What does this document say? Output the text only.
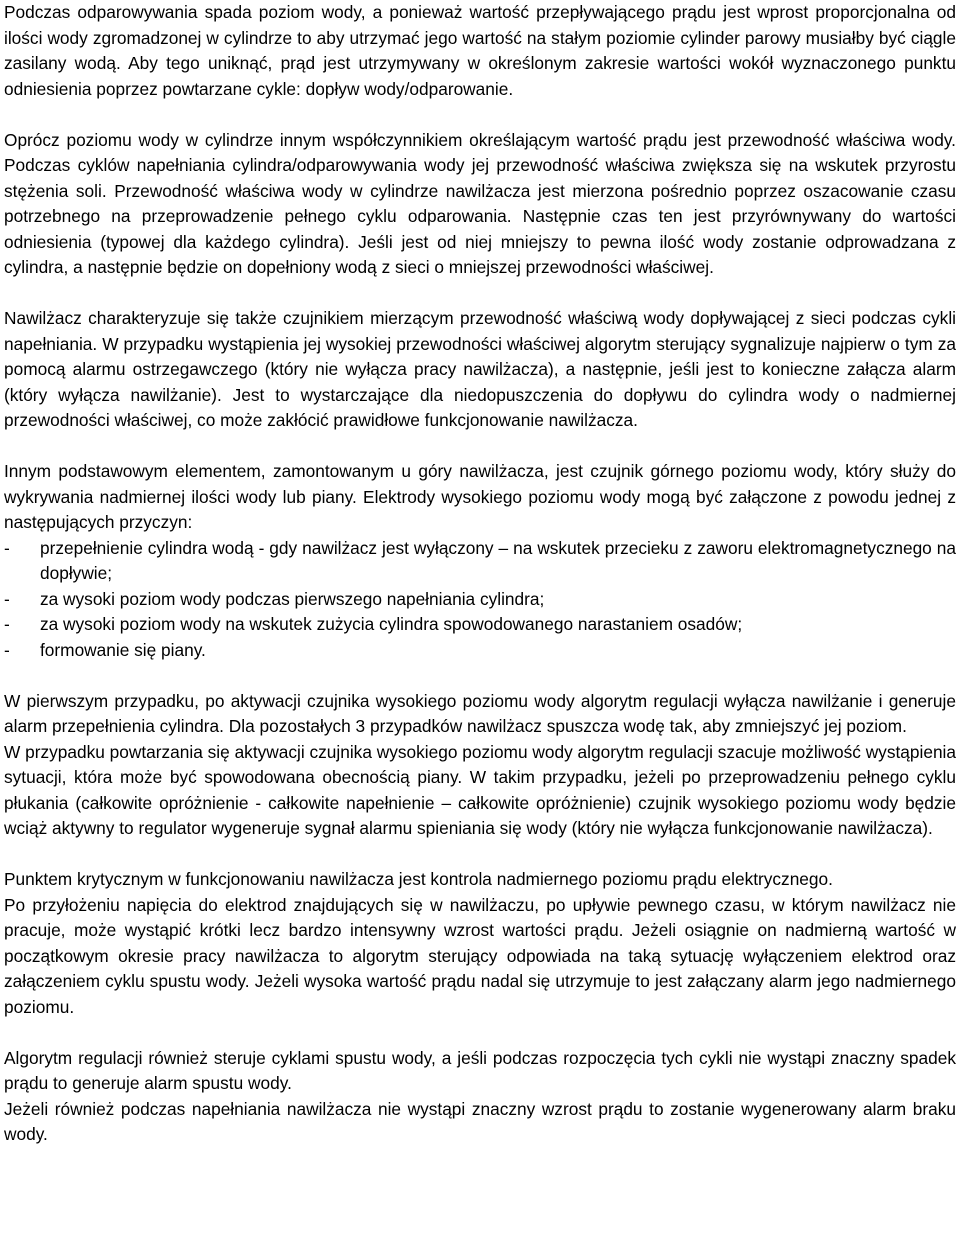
Podczas odparowywania spada poziom wody, a ponieważ wartość przepływającego prądu jest wprost proporcjonalna od ilości wody zgromadzonej w cylindrze to aby utrzymać jego wartość na stałym poziomie cylinder parowy musiałby być ciągle zasilany wodą. Aby tego uniknąć, prąd jest utrzymywany w określonym zakresie wartości wokół wyznaczonego punktu odniesienia poprzez powtarzane cykle: dopływ wody/odparowanie.

Oprócz poziomu wody w cylindrze innym współczynnikiem określającym wartość prądu jest przewodność właściwa wody. Podczas cyklów napełniania cylindra/odparowywania wody jej przewodność właściwa zwiększa się na wskutek przyrostu stężenia soli. Przewodność właściwa wody w cylindrze nawilżacza jest mierzona pośrednio poprzez oszacowanie czasu potrzebnego na przeprowadzenie pełnego cyklu odparowania. Następnie czas ten jest przyrównywany do wartości odniesienia (typowej dla każdego cylindra). Jeśli jest od niej mniejszy to pewna ilość wody zostanie odprowadzana z cylindra, a następnie będzie on dopełniony wodą z sieci o mniejszej przewodności właściwej.

Nawilżacz charakteryzuje się także czujnikiem mierzącym przewodność właściwą wody dopływającej z sieci podczas cykli napełniania. W przypadku wystąpienia jej wysokiej przewodności właściwej algorytm sterujący sygnalizuje najpierw o tym za pomocą alarmu ostrzegawczego (który nie wyłącza pracy nawilżacza), a następnie, jeśli jest to konieczne załącza alarm (który wyłącza nawilżanie). Jest to wystarczające dla niedopuszczenia do dopływu do cylindra wody o nadmiernej przewodności właściwej, co może zakłócić prawidłowe funkcjonowanie nawilżacza.

Innym podstawowym elementem, zamontowanym u góry nawilżacza, jest czujnik górnego poziomu wody, który służy do wykrywania nadmiernej ilości wody lub piany. Elektrody wysokiego poziomu wody mogą być załączone z powodu jednej z następujących przyczyn:

- przepełnienie cylindra wodą - gdy nawilżacz jest wyłączony – na wskutek przecieku z zaworu elektromagnetycznego na dopływie;
- za wysoki poziom wody podczas pierwszego napełniania cylindra;
- za wysoki poziom wody na wskutek zużycia cylindra spowodowanego narastaniem osadów;
- formowanie się piany.

W pierwszym przypadku, po aktywacji czujnika wysokiego poziomu wody algorytm regulacji wyłącza nawilżanie i generuje alarm przepełnienia cylindra. Dla pozostałych 3 przypadków nawilżacz spuszcza wodę tak, aby zmniejszyć jej poziom.

W przypadku powtarzania się aktywacji czujnika wysokiego poziomu wody algorytm regulacji szacuje możliwość wystąpienia sytuacji, która może być spowodowana obecnością piany. W takim przypadku, jeżeli po przeprowadzeniu pełnego cyklu płukania (całkowite opróżnienie - całkowite napełnienie – całkowite opróżnienie) czujnik wysokiego poziomu wody będzie wciąż aktywny to regulator wygeneruje sygnał alarmu spieniania się wody (który nie wyłącza funkcjonowanie nawilżacza).

Punktem krytycznym w funkcjonowaniu nawilżacza jest kontrola nadmiernego poziomu prądu elektrycznego.

Po przyłożeniu napięcia do elektrod znajdujących się w nawilżaczu, po upływie pewnego czasu, w którym nawilżacz nie pracuje, może wystąpić krótki lecz bardzo intensywny wzrost wartości prądu. Jeżeli osiągnie on nadmierną wartość w początkowym okresie pracy nawilżacza to algorytm sterujący odpowiada na taką sytuację wyłączeniem elektrod oraz załączeniem cyklu spustu wody. Jeżeli wysoka wartość prądu nadal się utrzymuje to jest załączany alarm jego nadmiernego poziomu.

Algorytm regulacji również steruje cyklami spustu wody, a jeśli podczas rozpoczęcia tych cykli nie wystąpi znaczny spadek prądu to generuje alarm spustu wody.

Jeżeli również podczas napełniania nawilżacza nie wystąpi znaczny wzrost prądu to zostanie wygenerowany alarm braku wody.
